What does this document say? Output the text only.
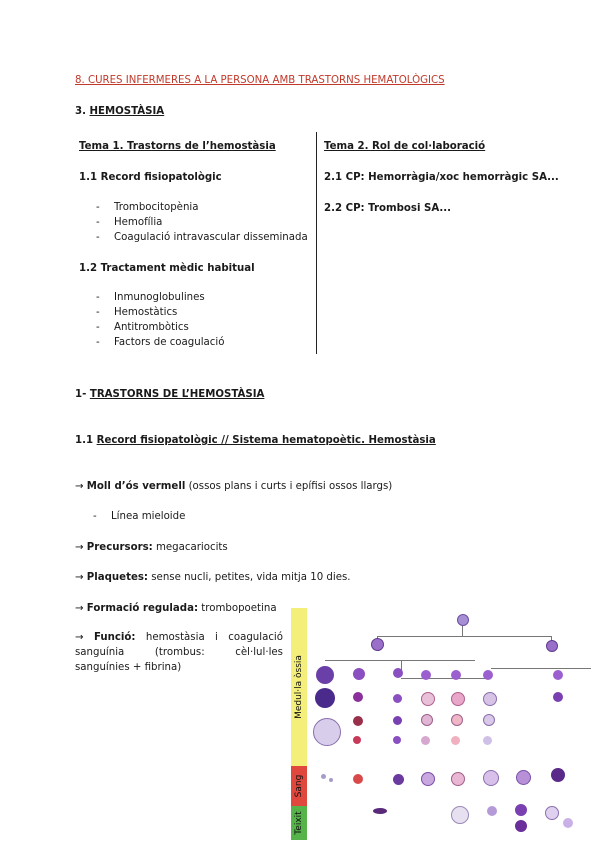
8. CURES INFERMERES A LA PERSONA AMB TRASTORNS HEMATOLÒGICS
3. HEMOSTÀSIA
Tema 1. Trastorns de l’hemostàsia
1.1 Record fisiopatològic
- Trombocitopènia
- Hemofília
- Coagulació intravascular disseminada
1.2 Tractament mèdic habitual
- Inmunoglobulines
- Hemostàtics
- Antitrombòtics
- Factors de coagulació
Tema 2. Rol de col·laboració
2.1 CP: Hemorràgia/xoc hemorràgic SA...
2.2 CP: Trombosi SA...
1- TRASTORNS DE L’HEMOSTÀSIA
1.1 Record fisiopatològic // Sistema hematopoètic. Hemostàsia
→ Moll d’ós vermell (ossos plans i curts i epífisi ossos llargs)
- Línea mieloide
→ Precursors: megacariocits
→ Plaquetes: sense nucli, petites, vida mitja 10 dies.
→ Formació regulada: trombopoetina
→ Funció: hemostàsia i coagulació sanguínia (trombus: cèl·lul·les sanguínies + fibrina)	Medul·la òssia
Sang
Teixit
